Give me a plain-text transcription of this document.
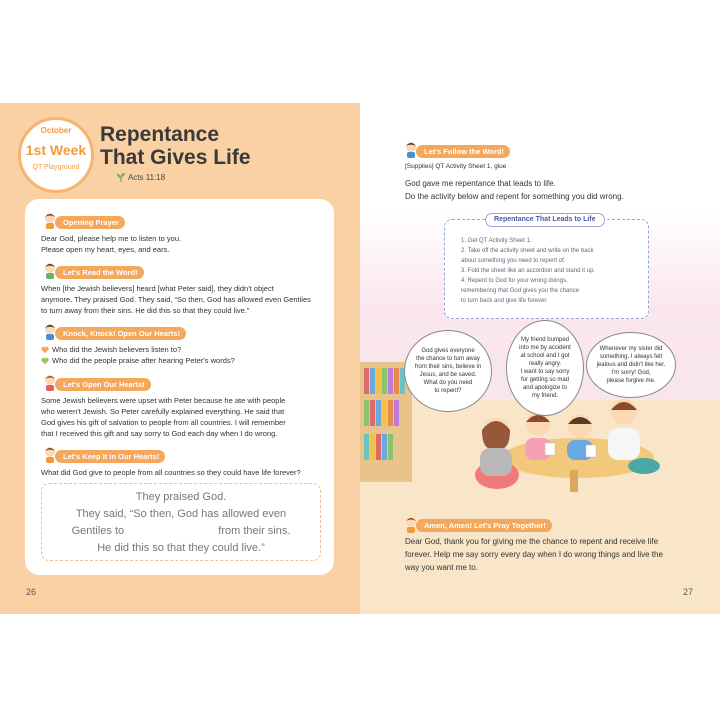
October
1st Week
QT Playground
Repentance
That Gives Life
Acts 11:18
Opening Prayer
Dear God, please help me to listen to you.
Please open my heart, eyes, and ears.
Let's Read the Word!
When [the Jewish believers] heard [what Peter said], they didn't object
anymore. They praised God. They said, “So then, God has allowed even Gentiles
to turn away from their sins. He did this so that they could live.”
Knock, Knock! Open Our Hearts!
Who did the Jewish believers listen to?
Who did the people praise after hearing Peter's words?
Let's Open Our Hearts!
Some Jewish believers were upset with Peter because he ate with people
who weren't Jewish. So Peter carefully explained everything. He said that
God gives his gift of salvation to people from all countries. I will remember
that I received this gift and say sorry to God each day when I do wrong.
Let's Keep It in Our Hearts!
What did God give to people from all countries so they could have life forever?
They praised God.
They said, “So then, God has allowed even
Gentiles to	from their sins.
He did this so that they could live.”
26
Let's Follow the Word!
[Supplies] QT Activity Sheet 1, glue
God gave me repentance that leads to life.
Do the activity below and repent for something you did wrong.
Repentance That Leads to Life
1. Get QT Activity Sheet 1.
2. Take off the activity sheet and write on the back
about something you need to repent of.
3. Fold the sheet like an accordion and stand it up.
4. Repent to God for your wrong doings,
remembering that God gives you the chance
to turn back and give life forever.
God gives everyone
the chance to turn away
from their sins, believe in
Jesus, and be saved.
What do you need
to repent?
My friend bumped
into me by accident
at school and I got
really angry.
I want to say sorry
for getting so mad
and apologize to
my friend.
Whenever my sister did
something, I always felt
jealous and didn't like her.
I'm sorry! God,
please forgive me.
Amen, Amen! Let's Pray Together!
Dear God, thank you for giving me the chance to repent and receive life
forever. Help me say sorry every day when I do wrong things and live the
way you want me to.
27
